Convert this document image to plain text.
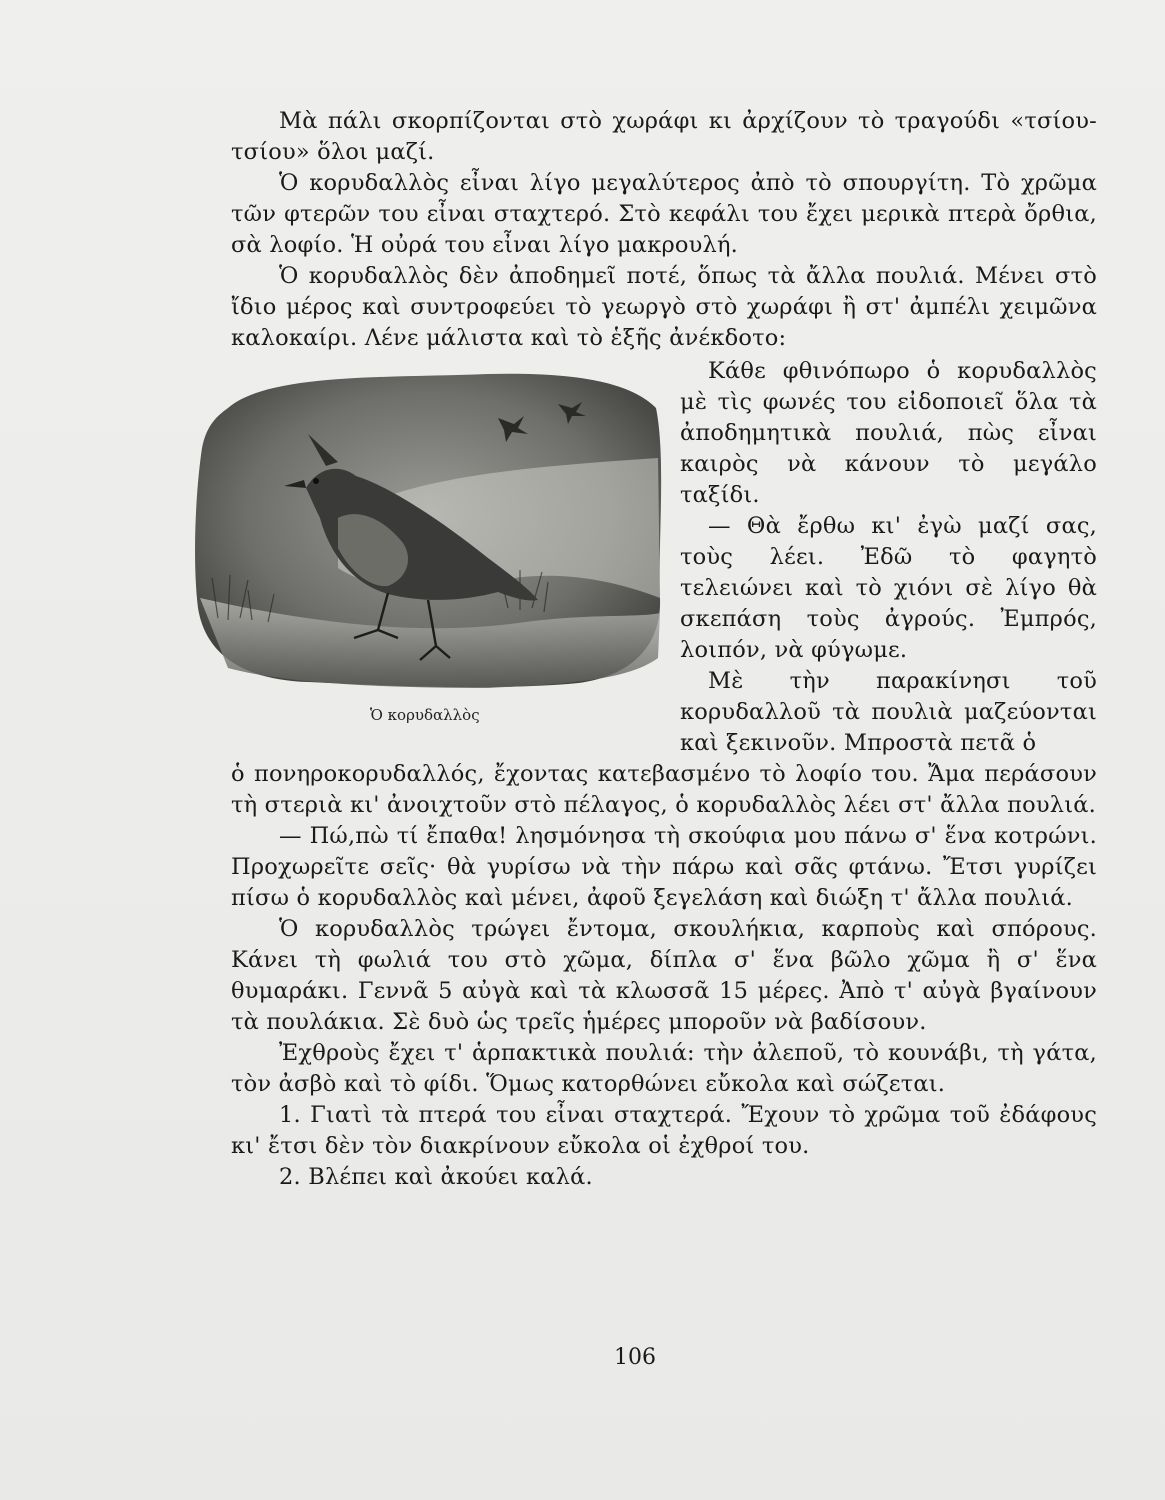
Μὰ πάλι σκορπίζονται στὸ χωράφι κι ἀρχίζουν τὸ τραγούδι «τσίου-τσίου» ὅλοι μαζί.

Ὁ κορυδαλλὸς εἶναι λίγο μεγαλύτερος ἀπὸ τὸ σπουργίτη. Τὸ χρῶμα τῶν φτερῶν του εἶναι σταχτερό. Στὸ κεφάλι του ἔχει μερικὰ πτερὰ ὄρθια, σὰ λοφίο. Ἡ οὐρά του εἶναι λίγο μακρουλή.

Ὁ κορυδαλλὸς δὲν ἀποδημεῖ ποτέ, ὅπως τὰ ἄλλα πουλιά. Μένει στὸ ἴδιο μέρος καὶ συντροφεύει τὸ γεωργὸ στὸ χωράφι ἢ στ' ἀμπέλι χειμῶνα καλοκαίρι. Λένε μάλιστα καὶ τὸ ἑξῆς ἀνέκδοτο:

Ὁ κορυδαλλὸς

Κάθε φθινόπωρο ὁ κορυδαλλὸς μὲ τὶς φωνές του εἰδοποιεῖ ὅλα τὰ ἀποδημητικὰ πουλιά, πὼς εἶναι καιρὸς νὰ κάνουν τὸ μεγάλο ταξίδι.

— Θὰ ἔρθω κι' ἐγὼ μαζί σας, τοὺς λέει. Ἐδῶ τὸ φαγητὸ τελειώνει καὶ τὸ χιόνι σὲ λίγο θὰ σκεπάση τοὺς ἀγρούς. Ἐμπρός, λοιπόν, νὰ φύγωμε.

Μὲ τὴν παρακίνησι τοῦ κορυδαλλοῦ τὰ πουλιὰ μαζεύονται καὶ ξεκινοῦν. Μπροστὰ πετᾶ ὁ

ὁ πονηροκορυδαλλός, ἔχοντας κατεβασμένο τὸ λοφίο του. Ἄμα περάσουν τὴ στεριὰ κι' ἀνοιχτοῦν στὸ πέλαγος, ὁ κορυδαλλὸς λέει στ' ἄλλα πουλιά.

— Πώ,πὼ τί ἔπαθα! λησμόνησα τὴ σκούφια μου πάνω σ' ἕνα κοτρώνι. Προχωρεῖτε σεῖς· θὰ γυρίσω νὰ τὴν πάρω καὶ σᾶς φτάνω. Ἔτσι γυρίζει πίσω ὁ κορυδαλλὸς καὶ μένει, ἀφοῦ ξεγελάση καὶ διώξη τ' ἄλλα πουλιά.

Ὁ κορυδαλλὸς τρώγει ἔντομα, σκουλήκια, καρποὺς καὶ σπόρους. Κάνει τὴ φωλιά του στὸ χῶμα, δίπλα σ' ἕνα βῶλο χῶμα ἢ σ' ἕνα θυμαράκι. Γεννᾶ 5 αὐγὰ καὶ τὰ κλωσσᾶ 15 μέρες. Ἀπὸ τ' αὐγὰ βγαίνουν τὰ πουλάκια. Σὲ δυὸ ὡς τρεῖς ἡμέρες μποροῦν νὰ βαδίσουν.

Ἐχθροὺς ἔχει τ' ἁρπακτικὰ πουλιά: τὴν ἀλεποῦ, τὸ κουνάβι, τὴ γάτα, τὸν ἀσβὸ καὶ τὸ φίδι. Ὅμως κατορθώνει εὔκολα καὶ σώζεται.

1. Γιατὶ τὰ πτερά του εἶναι σταχτερά. Ἔχουν τὸ χρῶμα τοῦ ἐδάφους κι' ἔτσι δὲν τὸν διακρίνουν εὔκολα οἱ ἐχθροί του.

2. Βλέπει καὶ ἀκούει καλά.

106
